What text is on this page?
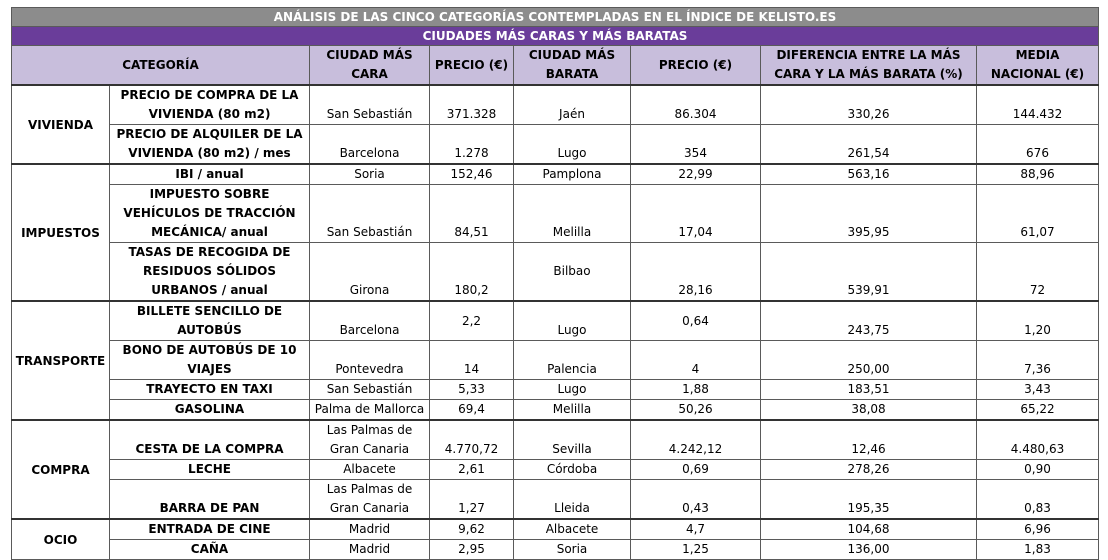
ANÁLISIS DE LAS CINCO CATEGORÍAS CONTEMPLADAS EN EL ÍNDICE DE KELISTO.ES							
CIUDADES MÁS CARAS Y MÁS BARATAS							
CATEGORÍA		CIUDAD MÁS CARA	PRECIO (€)	CIUDAD MÁS BARATA	PRECIO (€)	DIFERENCIA ENTRE LA MÁS CARA Y LA MÁS BARATA (%)	MEDIA NACIONAL (€)
VIVIENDA	PRECIO DE COMPRA DE LA VIVIENDA (80 m2)	San Sebastián	371.328	Jaén	86.304	330,26	144.432
	PRECIO DE ALQUILER DE LA VIVIENDA (80 m2) / mes	Barcelona	1.278	Lugo	354	261,54	676
IMPUESTOS	IBI / anual	Soria	152,46	Pamplona	22,99	563,16	88,96
	IMPUESTO SOBRE VEHÍCULOS DE TRACCIÓN MECÁNICA/ anual	San Sebastián	84,51	Melilla	17,04	395,95	61,07
	TASAS DE RECOGIDA DE RESIDUOS SÓLIDOS URBANOS / anual	Girona	180,2	Bilbao	28,16	539,91	72
TRANSPORTE	BILLETE SENCILLO DE AUTOBÚS	Barcelona	2,2	Lugo	0,64	243,75	1,20
	BONO DE AUTOBÚS DE 10 VIAJES	Pontevedra	14	Palencia	4	250,00	7,36
	TRAYECTO EN TAXI	San Sebastián	5,33	Lugo	1,88	183,51	3,43
	GASOLINA	Palma de Mallorca	69,4	Melilla	50,26	38,08	65,22
COMPRA	CESTA DE LA COMPRA	Las Palmas de Gran Canaria	4.770,72	Sevilla	4.242,12	12,46	4.480,63
	LECHE	Albacete	2,61	Córdoba	0,69	278,26	0,90
	BARRA DE PAN	Las Palmas de Gran Canaria	1,27	Lleida	0,43	195,35	0,83
OCIO	ENTRADA DE CINE	Madrid	9,62	Albacete	4,7	104,68	6,96
	CAÑA	Madrid	2,95	Soria	1,25	136,00	1,83
